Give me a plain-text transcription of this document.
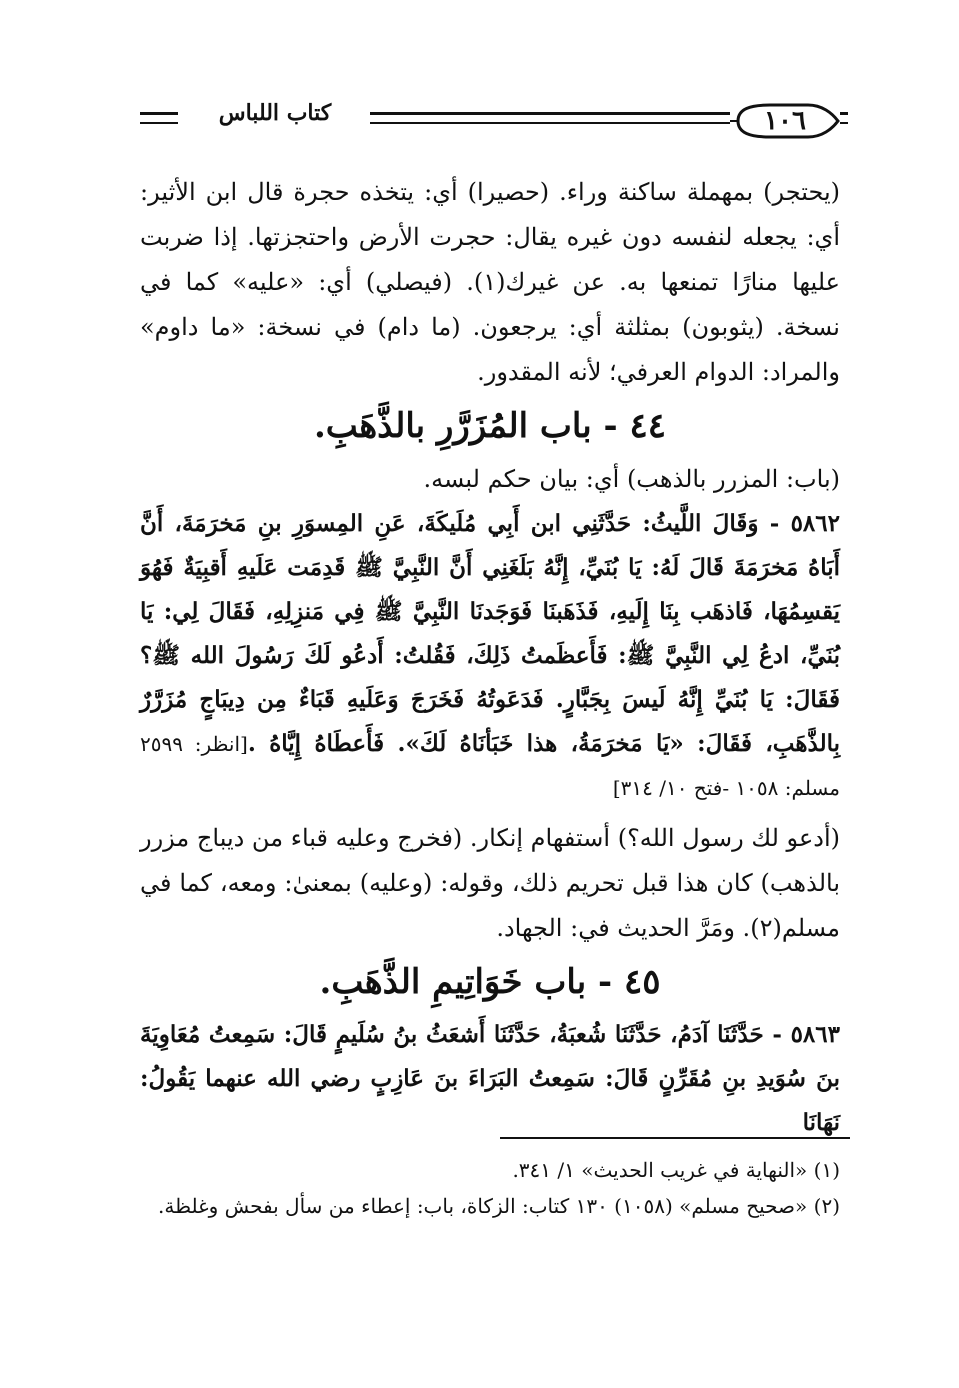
١٠٦
كتاب اللباس

(يحتجر) بمهملة ساكنة وراء. (حصيرا) أي: يتخذه حجرة قال ابن الأثير: أي: يجعله لنفسه دون غيره يقال: حجرت الأرض واحتجزتها. إذا ضربت عليها منارًا تمنعها به. عن غيرك(١). (فيصلي) أي: «عليه» كما في نسخة. (يثوبون) بمثلثة أي: يرجعون. (ما دام) في نسخة: «ما داوم» والمراد: الدوام العرفي؛ لأنه المقدور.

٤٤ - باب المُزَرَّرِ بالذَّهَبِ.

(باب: المزرر بالذهب) أي: بيان حكم لبسه.

٥٨٦٢ - وَقَالَ اللَّيثُ: حَدَّثَنِي ابن أَبِي مُلَيكَةَ، عَنِ المِسوَرِ بنِ مَخرَمَةَ، أَنَّ أَبَاهُ مَخرَمَةَ قَالَ لَهُ: يَا بُنَيِّ، إِنَّهُ بَلَغَنِي أَنَّ النَّبِيَّ ﷺ قَدِمَت عَلَيهِ أَقبِيَةٌ فَهُوَ يَقسِمُهَا، فَاذهَب بِنَا إِلَيهِ، فَذَهَبنَا فَوَجَدنَا النَّبِيَّ ﷺ فِي مَنزِلِهِ، فَقَالَ لِي: يَا بُنَيِّ، ادعُ لِي النَّبِيَّ ﷺ: فَأَعظَمتُ ذَلِكَ، فَقُلتُ: أَدعُو لَكَ رَسُولَ الله ﷺ؟ فَقَالَ: يَا بُنَيِّ إِنَّهُ لَيسَ بِجَبَّارٍ. فَدَعَوتُهُ فَخَرَجَ وَعَلَيهِ قَبَاءٌ مِن دِيبَاجٍ مُزَرَّرٌ بِالذَّهَبِ، فَقَالَ: «يَا مَخرَمَةُ، هذا خَبَأنَاهُ لَكَ». فَأَعطَاهُ إِيَّاهُ .[انظر: ٢٥٩٩ مسلم: ١٠٥٨ -فتح ١٠/ ٣١٤]

(أدعو لك رسول الله؟) أستفهام إنكار. (فخرج وعليه قباء من ديباج مزرر بالذهب) كان هذا قبل تحريم ذلك، وقوله: (وعليه) بمعنىٰ: ومعه، كما في مسلم(٢). ومَرَّ الحديث في: الجهاد.

٤٥ - باب خَوَاتِيمِ الذَّهَبِ.

٥٨٦٣ - حَدَّثَنَا آدَمُ، حَدَّثَنَا شُعبَةُ، حَدَّثَنَا أَشعَثُ بنُ سُلَيمٍ قَالَ: سَمِعتُ مُعَاوِيَةَ بنَ سُوَيدِ بنِ مُقَرِّنٍ قَالَ: سَمِعتُ البَرَاءَ بنَ عَازِبٍ رضي الله عنهما يَقُولُ: نَهَانَا

(١) «النهاية في غريب الحديث» ١/ ٣٤١.

(٢) «صحيح مسلم» (١٠٥٨) ١٣٠ كتاب: الزكاة، باب: إعطاء من سأل بفحش وغلظة.
